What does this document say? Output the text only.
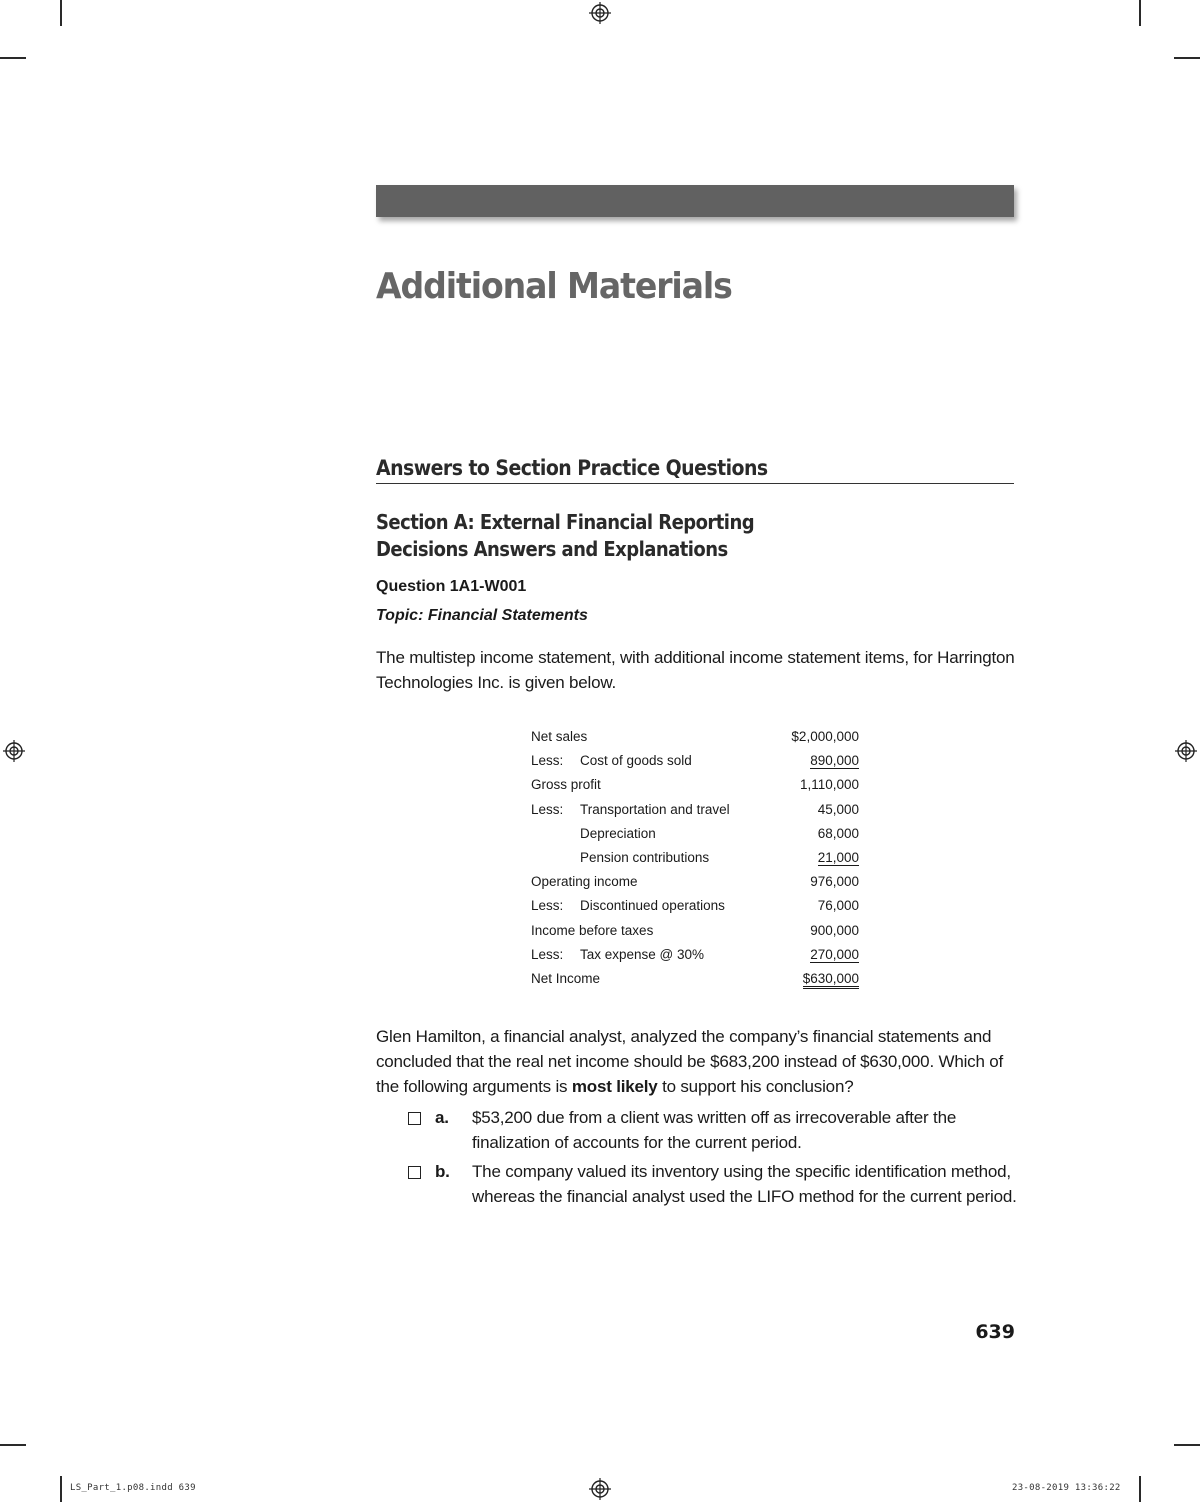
LS_Part_1.p08.indd 639	23-08-2019 13:36:22
Additional Materials
Answers to Section Practice Questions
Section A: External Financial Reporting
Decisions Answers and Explanations
Question 1A1-W001
Topic: Financial Statements

The multistep income statement, with additional income statement items, for Harrington Technologies Inc. is given below.

Net sales	$2,000,000
Less: Cost of goods sold	890,000
Gross profit	1,110,000
Less: Transportation and travel	45,000
Depreciation	68,000
Pension contributions	21,000
Operating income	976,000
Less: Discontinued operations	76,000
Income before taxes	900,000
Less: Tax expense @ 30%	270,000
Net Income	$630,000

Glen Hamilton, a financial analyst, analyzed the company’s financial statements and concluded that the real net income should be $683,200 instead of $630,000. Which of the following arguments is most likely to support his conclusion?

a. $53,200 due from a client was written off as irrecoverable after the finalization of accounts for the current period.
b. The company valued its inventory using the specific identification method, whereas the financial analyst used the LIFO method for the current period.
639
